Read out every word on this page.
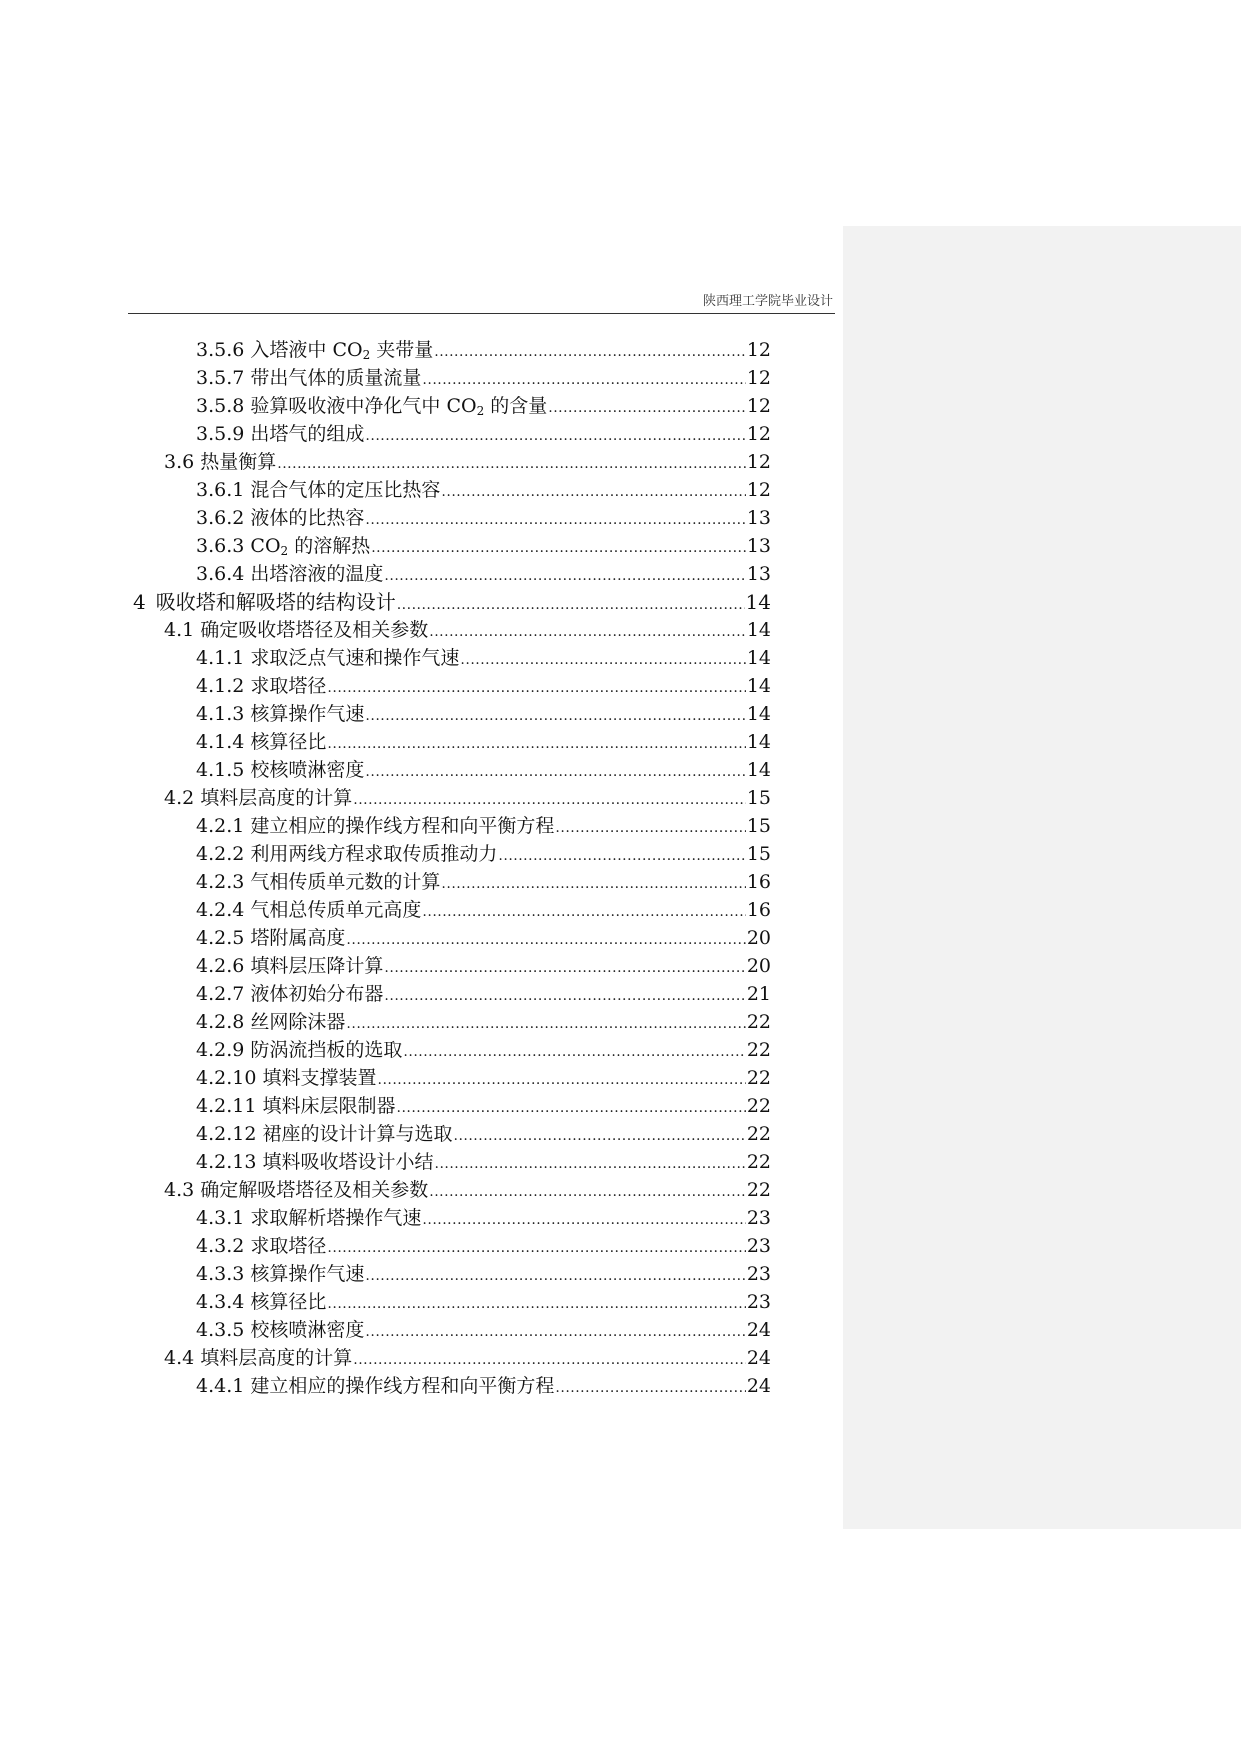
陕西理工学院毕业设计
3.5.6 入塔液中 $CO_2$ 夹带量 .....	12
3.5.7 带出气体的质量流量 .....	12
3.5.8 验算吸收液中净化气中 $CO_2$ 的含量 .....	12
3.5.9 出塔气的组成 .....	12
3.6 热量衡算 .....	12
3.6.1 混合气体的定压比热容 .....	12
3.6.2 液体的比热容 .....	13
3.6.3 $CO_2$ 的溶解热 .....	13
3.6.4 出塔溶液的温度 .....	13
4  吸收塔和解吸塔的结构设计 .....	14
4.1 确定吸收塔塔径及相关参数 .....	14
4.1.1 求取泛点气速和操作气速 .....	14
4.1.2 求取塔径 .....	14
4.1.3 核算操作气速 .....	14
4.1.4 核算径比 .....	14
4.1.5 校核喷淋密度 .....	14
4.2 填料层高度的计算 .....	15
4.2.1 建立相应的操作线方程和向平衡方程 .....	15
4.2.2 利用两线方程求取传质推动力 .....	15
4.2.3 气相传质单元数的计算 .....	16
4.2.4 气相总传质单元高度 .....	16
4.2.5 塔附属高度 .....	20
4.2.6 填料层压降计算 .....	20
4.2.7 液体初始分布器 .....	21
4.2.8 丝网除沫器 .....	22
4.2.9 防涡流挡板的选取 .....	22
4.2.10 填料支撑装置 .....	22
4.2.11 填料床层限制器 .....	22
4.2.12 裙座的设计计算与选取 .....	22
4.2.13 填料吸收塔设计小结 .....	22
4.3 确定解吸塔塔径及相关参数 .....	22
4.3.1 求取解析塔操作气速 .....	23
4.3.2 求取塔径 .....	23
4.3.3 核算操作气速 .....	23
4.3.4 核算径比 .....	23
4.3.5 校核喷淋密度 .....	24
4.4 填料层高度的计算 .....	24
4.4.1 建立相应的操作线方程和向平衡方程 .....	24
